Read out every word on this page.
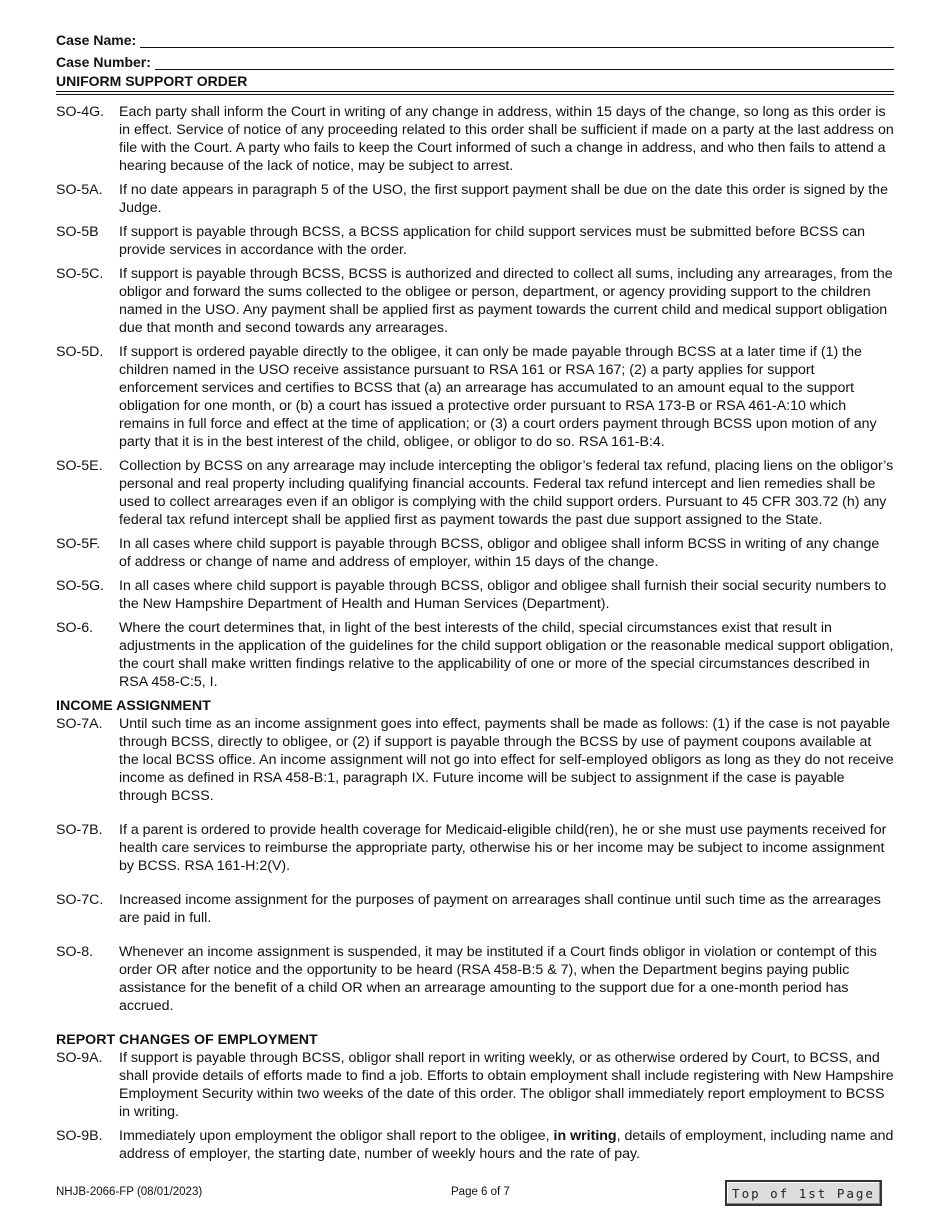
Case Name:
Case Number:
UNIFORM SUPPORT ORDER
SO-4G.	Each party shall inform the Court in writing of any change in address, within 15 days of the change, so long as this order is in effect. Service of notice of any proceeding related to this order shall be sufficient if made on a party at the last address on file with the Court. A party who fails to keep the Court informed of such a change in address, and who then fails to attend a hearing because of the lack of notice, may be subject to arrest.
SO-5A.	If no date appears in paragraph 5 of the USO, the first support payment shall be due on the date this order is signed by the Judge.
SO-5B	If support is payable through BCSS, a BCSS application for child support services must be submitted before BCSS can provide services in accordance with the order.
SO-5C.	If support is payable through BCSS, BCSS is authorized and directed to collect all sums, including any arrearages, from the obligor and forward the sums collected to the obligee or person, department, or agency providing support to the children named in the USO. Any payment shall be applied first as payment towards the current child and medical support obligation due that month and second towards any arrearages.
SO-5D.	If support is ordered payable directly to the obligee, it can only be made payable through BCSS at a later time if (1) the children named in the USO receive assistance pursuant to RSA 161 or RSA 167; (2) a party applies for support enforcement services and certifies to BCSS that (a) an arrearage has accumulated to an amount equal to the support obligation for one month, or (b) a court has issued a protective order pursuant to RSA 173-B or RSA 461-A:10 which remains in full force and effect at the time of application; or (3) a court orders payment through BCSS upon motion of any party that it is in the best interest of the child, obligee, or obligor to do so. RSA 161-B:4.
SO-5E.	Collection by BCSS on any arrearage may include intercepting the obligor’s federal tax refund, placing liens on the obligor’s personal and real property including qualifying financial accounts. Federal tax refund intercept and lien remedies shall be used to collect arrearages even if an obligor is complying with the child support orders. Pursuant to 45 CFR 303.72 (h) any federal tax refund intercept shall be applied first as payment towards the past due support assigned to the State.
SO-5F.	In all cases where child support is payable through BCSS, obligor and obligee shall inform BCSS in writing of any change of address or change of name and address of employer, within 15 days of the change.
SO-5G.	In all cases where child support is payable through BCSS, obligor and obligee shall furnish their social security numbers to the New Hampshire Department of Health and Human Services (Department).
SO-6.	Where the court determines that, in light of the best interests of the child, special circumstances exist that result in adjustments in the application of the guidelines for the child support obligation or the reasonable medical support obligation, the court shall make written findings relative to the applicability of one or more of the special circumstances described in RSA 458-C:5, I.
INCOME ASSIGNMENT
SO-7A.	Until such time as an income assignment goes into effect, payments shall be made as follows: (1) if the case is not payable through BCSS, directly to obligee, or (2) if support is payable through the BCSS by use of payment coupons available at the local BCSS office. An income assignment will not go into effect for self-employed obligors as long as they do not receive income as defined in RSA 458-B:1, paragraph IX. Future income will be subject to assignment if the case is payable through BCSS.
SO-7B.	If a parent is ordered to provide health coverage for Medicaid-eligible child(ren), he or she must use payments received for health care services to reimburse the appropriate party, otherwise his or her income may be subject to income assignment by BCSS. RSA 161-H:2(V).
SO-7C.	Increased income assignment for the purposes of payment on arrearages shall continue until such time as the arrearages are paid in full.
SO-8.	Whenever an income assignment is suspended, it may be instituted if a Court finds obligor in violation or contempt of this order OR after notice and the opportunity to be heard (RSA 458-B:5 & 7), when the Department begins paying public assistance for the benefit of a child OR when an arrearage amounting to the support due for a one-month period has accrued.
REPORT CHANGES OF EMPLOYMENT
SO-9A.	If support is payable through BCSS, obligor shall report in writing weekly, or as otherwise ordered by Court, to BCSS, and shall provide details of efforts made to find a job. Efforts to obtain employment shall include registering with New Hampshire Employment Security within two weeks of the date of this order. The obligor shall immediately report employment to BCSS in writing.
SO-9B.	Immediately upon employment the obligor shall report to the obligee, in writing, details of employment, including name and address of employer, the starting date, number of weekly hours and the rate of pay.
NHJB-2066-FP (08/01/2023)	Page 6 of 7	Top of 1st Page
